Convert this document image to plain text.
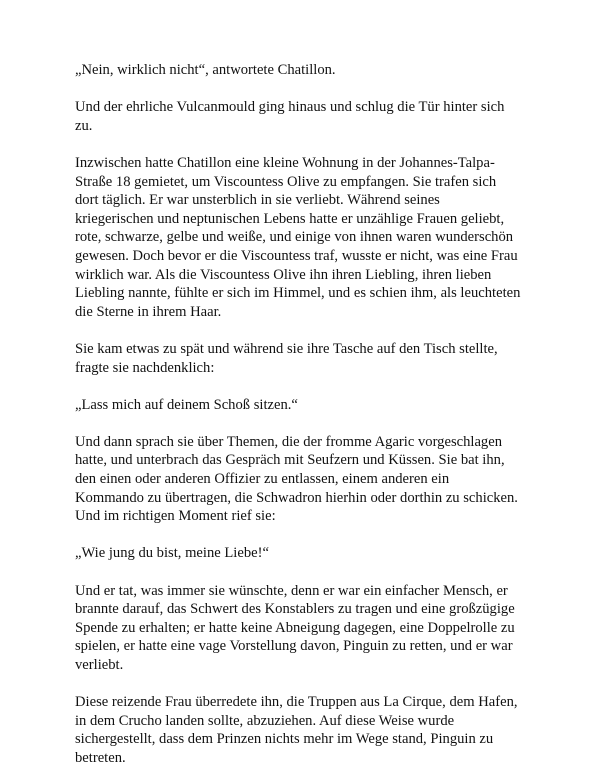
„Nein, wirklich nicht“, antwortete Chatillon.

Und der ehrliche Vulcanmould ging hinaus und schlug die Tür hinter sich
zu.

Inzwischen hatte Chatillon eine kleine Wohnung in der Johannes-Talpa-
Straße 18 gemietet, um Viscountess Olive zu empfangen. Sie trafen sich
dort täglich. Er war unsterblich in sie verliebt. Während seines
kriegerischen und neptunischen Lebens hatte er unzählige Frauen geliebt,
rote, schwarze, gelbe und weiße, und einige von ihnen waren wunderschön
gewesen. Doch bevor er die Viscountess traf, wusste er nicht, was eine Frau
wirklich war. Als die Viscountess Olive ihn ihren Liebling, ihren lieben
Liebling nannte, fühlte er sich im Himmel, und es schien ihm, als leuchteten
die Sterne in ihrem Haar.

Sie kam etwas zu spät und während sie ihre Tasche auf den Tisch stellte,
fragte sie nachdenklich:

„Lass mich auf deinem Schoß sitzen.“

Und dann sprach sie über Themen, die der fromme Agaric vorgeschlagen
hatte, und unterbrach das Gespräch mit Seufzern und Küssen. Sie bat ihn,
den einen oder anderen Offizier zu entlassen, einem anderen ein
Kommando zu übertragen, die Schwadron hierhin oder dorthin zu schicken.
Und im richtigen Moment rief sie:

„Wie jung du bist, meine Liebe!“

Und er tat, was immer sie wünschte, denn er war ein einfacher Mensch, er
brannte darauf, das Schwert des Konstablers zu tragen und eine großzügige
Spende zu erhalten; er hatte keine Abneigung dagegen, eine Doppelrolle zu
spielen, er hatte eine vage Vorstellung davon, Pinguin zu retten, und er war
verliebt.

Diese reizende Frau überredete ihn, die Truppen aus La Cirque, dem Hafen,
in dem Crucho landen sollte, abzuziehen. Auf diese Weise wurde
sichergestellt, dass dem Prinzen nichts mehr im Wege stand, Pinguin zu
betreten.
